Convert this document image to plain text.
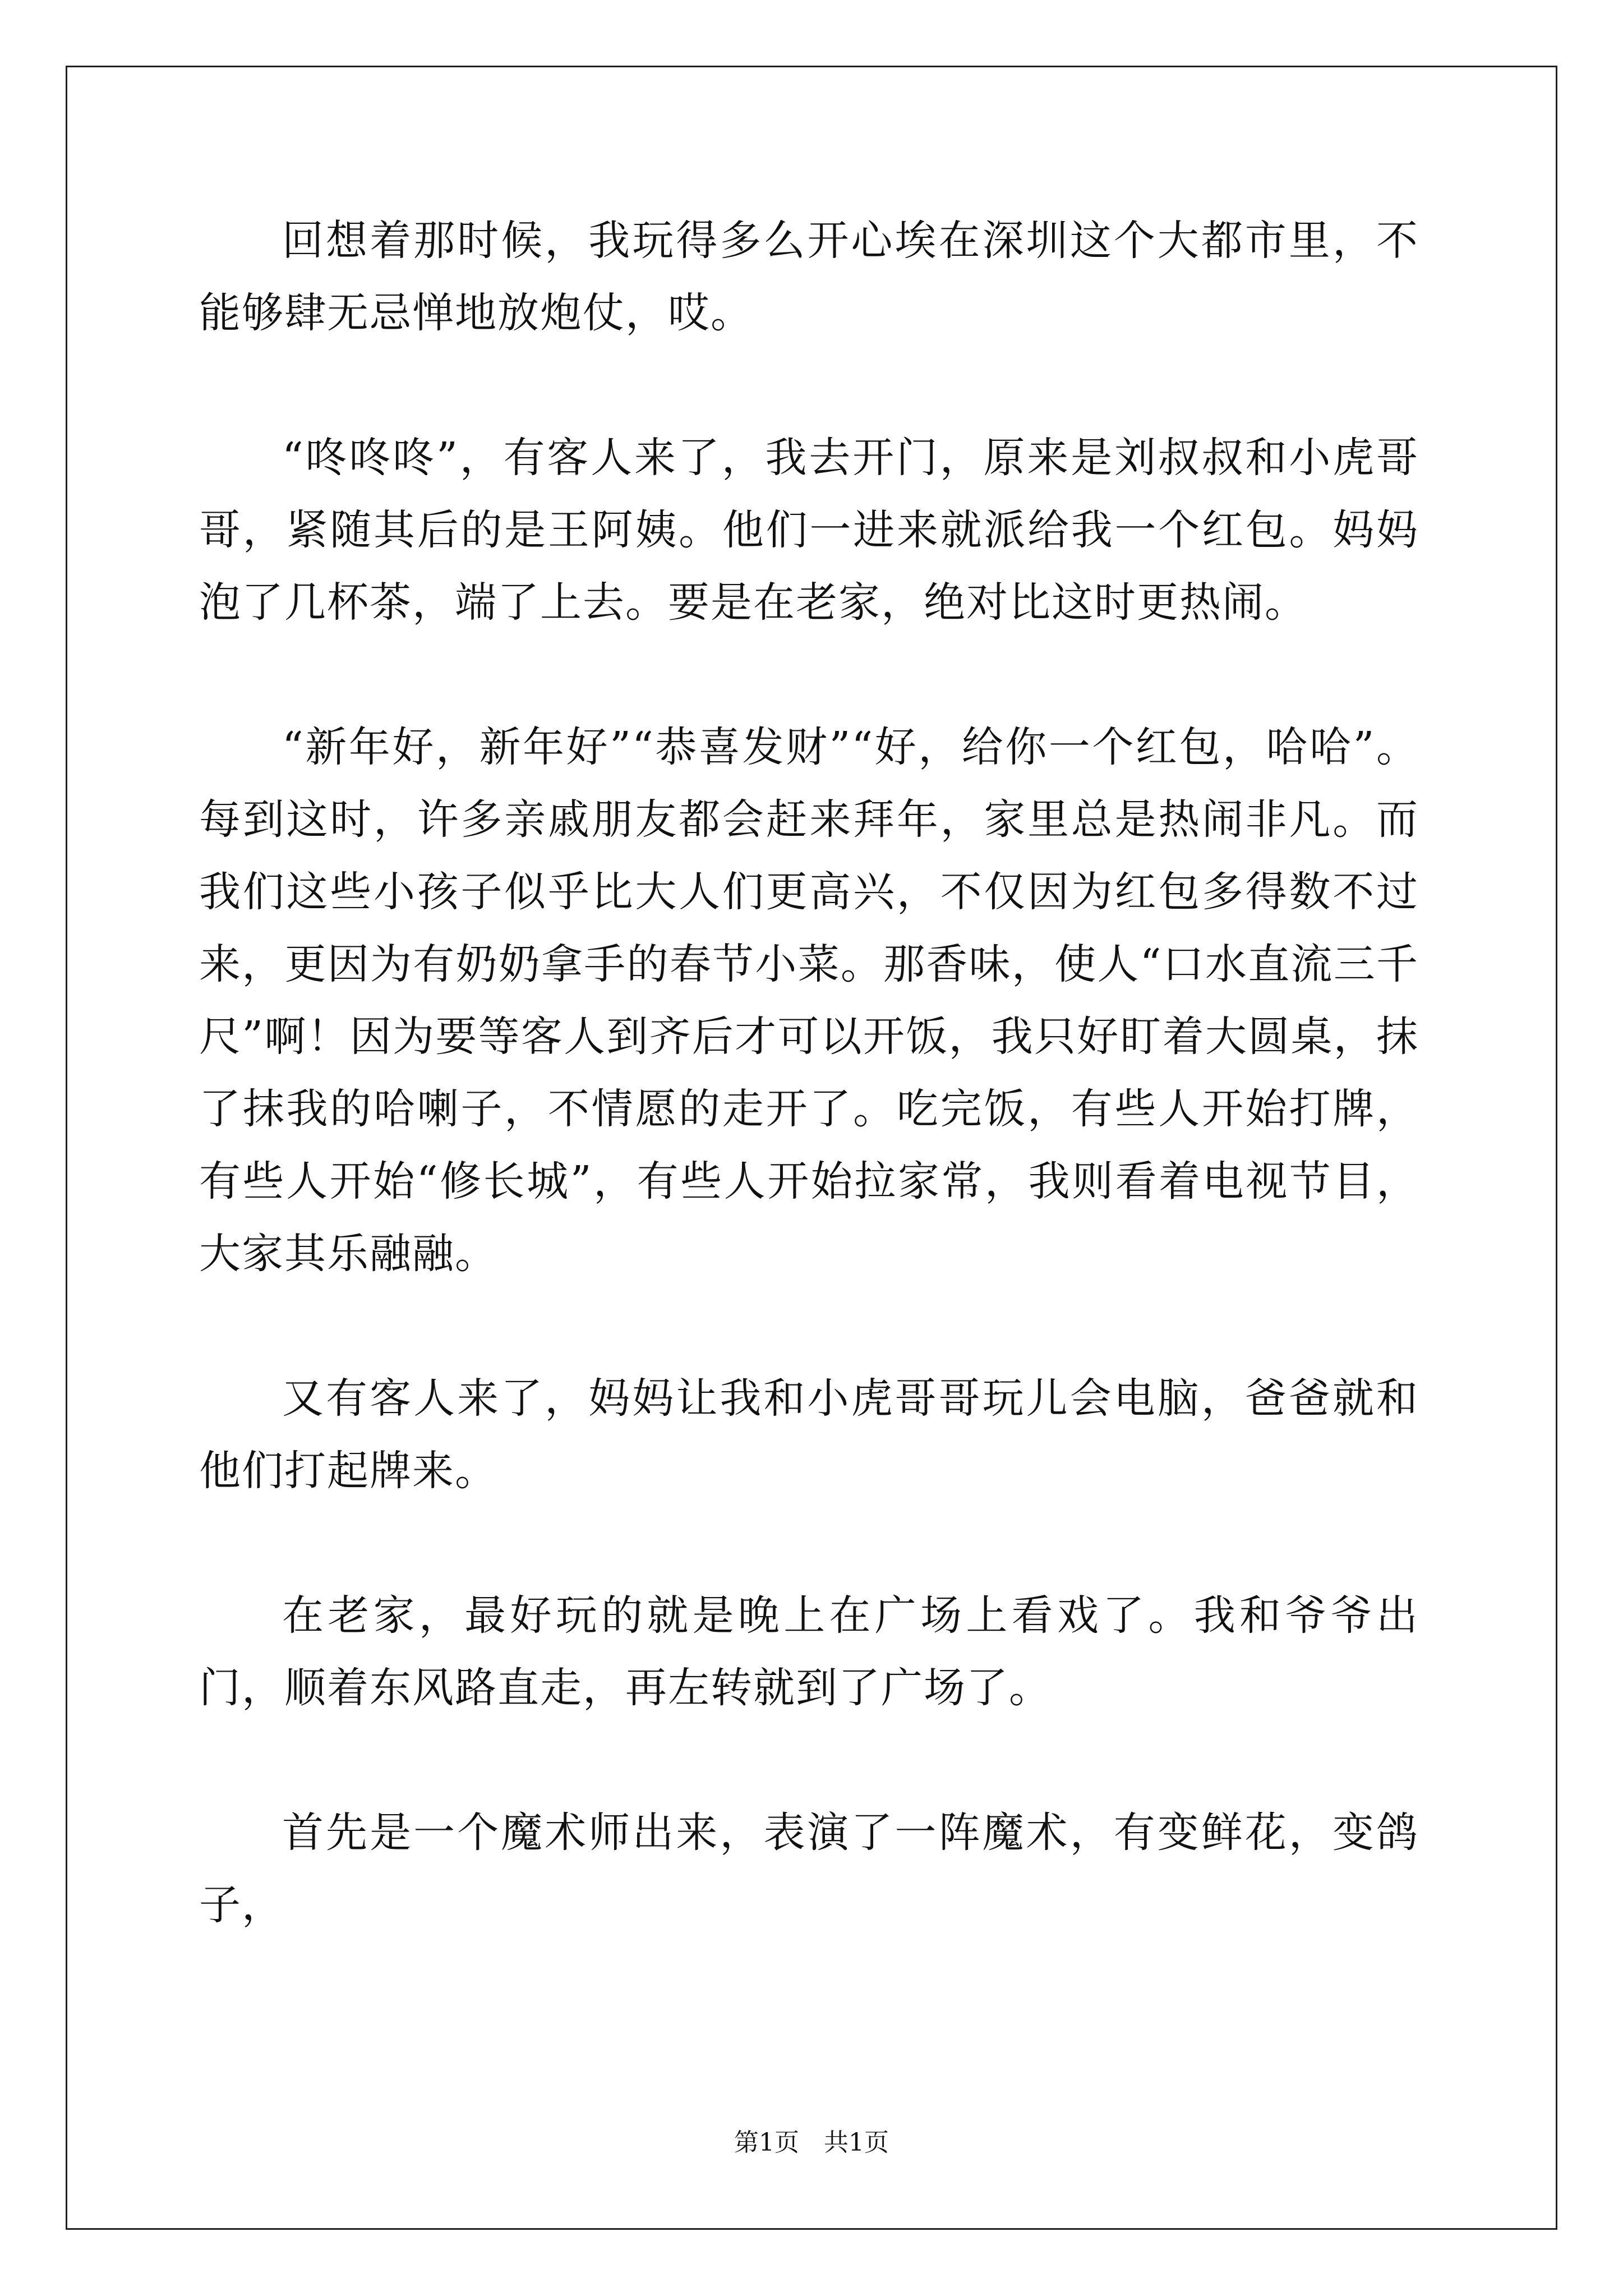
回想着那时候，我玩得多么开心埃在深圳这个大都市里，不能够肆无忌惮地放炮仗，哎。

“咚咚咚”，有客人来了，我去开门，原来是刘叔叔和小虎哥哥，紧随其后的是王阿姨。他们一进来就派给我一个红包。妈妈泡了几杯茶，端了上去。要是在老家，绝对比这时更热闹。

“新年好，新年好”“恭喜发财”“好，给你一个红包，哈哈”。每到这时，许多亲戚朋友都会赶来拜年，家里总是热闹非凡。而我们这些小孩子似乎比大人们更高兴，不仅因为红包多得数不过来，更因为有奶奶拿手的春节小菜。那香味，使人“口水直流三千尺”啊！因为要等客人到齐后才可以开饭，我只好盯着大圆桌，抹了抹我的哈喇子，不情愿的走开了。吃完饭，有些人开始打牌，有些人开始“修长城”，有些人开始拉家常，我则看着电视节目，大家其乐融融。

又有客人来了，妈妈让我和小虎哥哥玩儿会电脑，爸爸就和他们打起牌来。

在老家，最好玩的就是晚上在广场上看戏了。我和爷爷出门，顺着东风路直走，再左转就到了广场了。

首先是一个魔术师出来，表演了一阵魔术，有变鲜花，变鸽子，

第1页　共1页
